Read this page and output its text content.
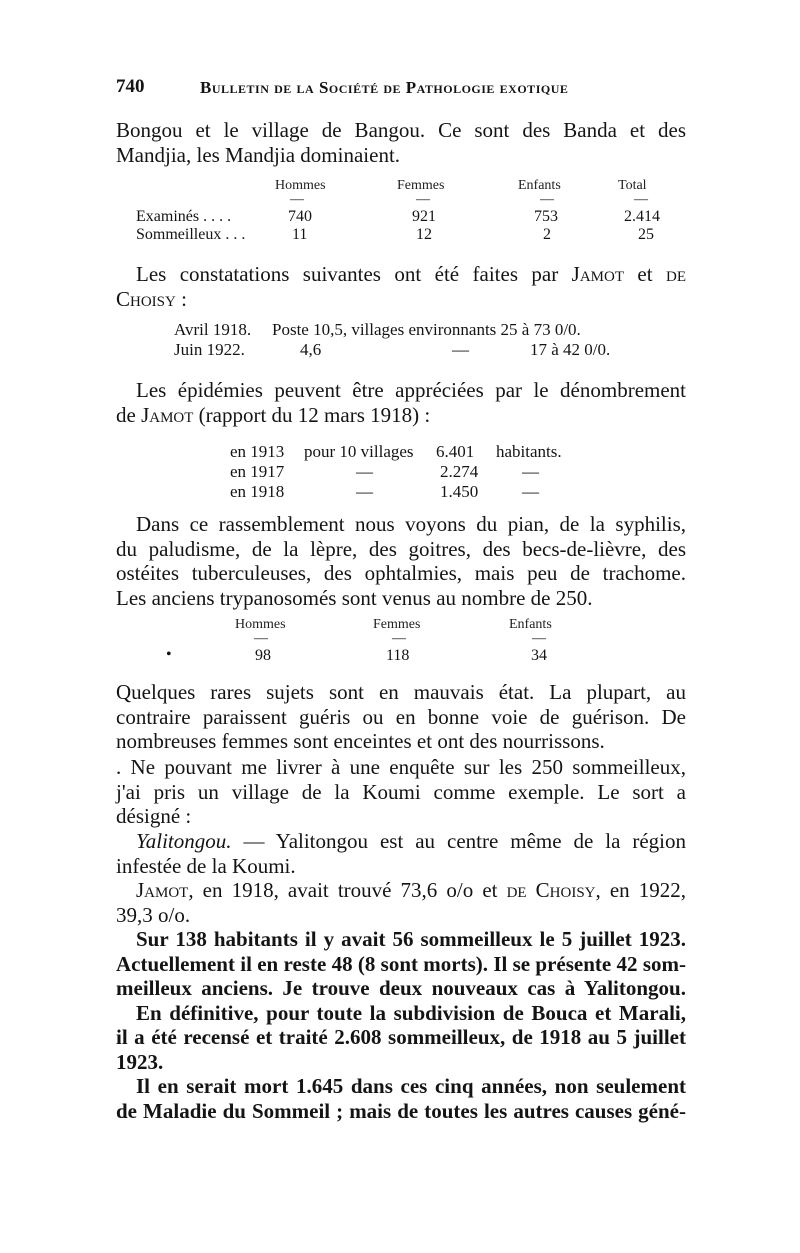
740	Bulletin de la Société de Pathologie exotique
Bongou et le village de Bangou. Ce sont des Banda et des
Mandjia, les Mandjia dominaient.
Hommes	Femmes	Enfants	Total
—	—	—	—
Examinés . . . .	740	921	753	2.414
Sommeilleux . . .	11	12	2	25
Les constatations suivantes ont été faites par Jamot et de
Choisy :
Avril 1918. Poste 10,5, villages environnants 25 à 73 0/0.
Juin 1922.	4,6	—	17 à 42 0/0.
Les épidémies peuvent être appréciées par le dénombrement
de Jamot (rapport du 12 mars 1918) :
en 1913 pour 10 villages 6.401 habitants.
en 1917	—	2.274	—
en 1918	—	1.450	—
Dans ce rassemblement nous voyons du pian, de la syphilis,
du paludisme, de la lèpre, des goitres, des becs-de-lièvre, des
ostéites tuberculeuses, des ophtalmies, mais peu de trachome.
Les anciens trypanosomés sont venus au nombre de 250.
Hommes	Femmes	Enfants
—	—	—
•	98	118	34
Quelques rares sujets sont en mauvais état. La plupart, au
contraire paraissent guéris ou en bonne voie de guérison. De
nombreuses femmes sont enceintes et ont des nourrissons.
. Ne pouvant me livrer à une enquête sur les 250 sommeilleux,
j'ai pris un village de la Koumi comme exemple. Le sort a
désigné :
Yalitongou. — Yalitongou est au centre même de la région
infestée de la Koumi.
Jamot, en 1918, avait trouvé 73,6 o/o et de Choisy, en 1922,
39,3 o/o.
Sur 138 habitants il y avait 56 sommeilleux le 5 juillet 1923.
Actuellement il en reste 48 (8 sont morts). Il se présente 42 som-
meilleux anciens. Je trouve deux nouveaux cas à Yalitongou.
En définitive, pour toute la subdivision de Bouca et Marali,
il a été recensé et traité 2.608 sommeilleux, de 1918 au 5 juillet
1923.
Il en serait mort 1.645 dans ces cinq années, non seulement
de Maladie du Sommeil ; mais de toutes les autres causes géné-
